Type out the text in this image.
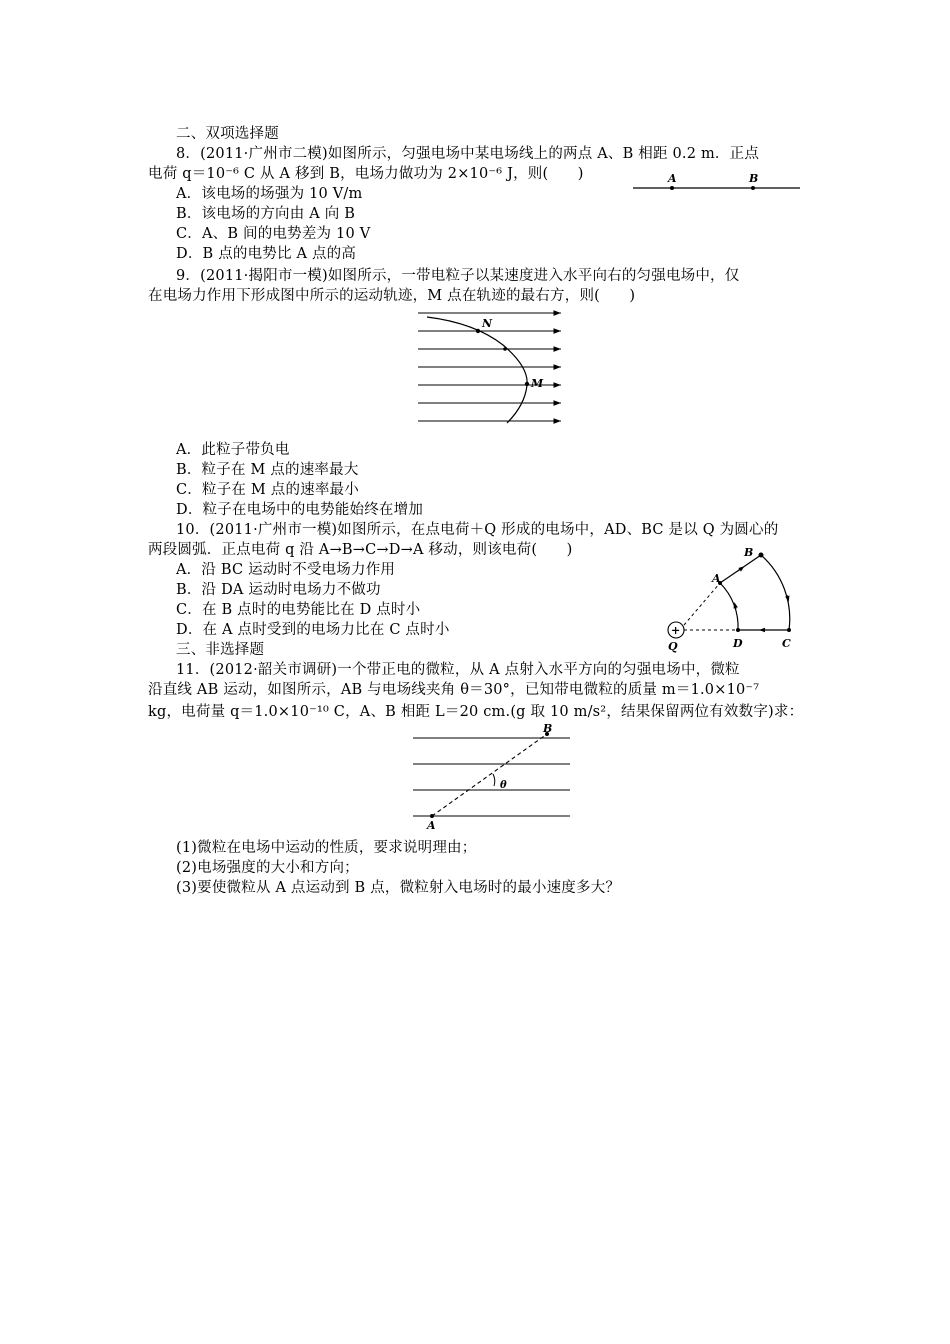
二、双项选择题
8．(2011·广州市二模)如图所示，匀强电场中某电场线上的两点 A、B 相距 0.2 m．正点
电荷 q＝10⁻⁶ C 从 A 移到 B，电场力做功为 2×10⁻⁶ J，则(　　)
A．该电场的场强为 10 V/m
B．该电场的方向由 A 向 B
C．A、B 间的电势差为 10 V
D．B 点的电势比 A 点的高
A	B
9．(2011·揭阳市一模)如图所示，一带电粒子以某速度进入水平向右的匀强电场中，仅
在电场力作用下形成图中所示的运动轨迹，M 点在轨迹的最右方，则(　　)
N
M
A．此粒子带负电
B．粒子在 M 点的速率最大
C．粒子在 M 点的速率最小
D．粒子在电场中的电势能始终在增加
10．(2011·广州市一模)如图所示，在点电荷＋Q 形成的电场中，AD、BC 是以 Q 为圆心的
两段圆弧．正点电荷 q 沿 A→B→C→D→A 移动，则该电荷(　　)
A．沿 BC 运动时不受电场力作用
B．沿 DA 运动时电场力不做功
C．在 B 点时的电势能比在 D 点时小
D．在 A 点时受到的电场力比在 C 点时小	+
A
B
C
D
Q
三、非选择题
11．(2012·韶关市调研)一个带正电的微粒，从 A 点射入水平方向的匀强电场中，微粒
沿直线 AB 运动，如图所示，AB 与电场线夹角 θ＝30°，已知带电微粒的质量 m＝1.0×10⁻⁷
kg，电荷量 q＝1.0×10⁻¹⁰ C，A、B 相距 L＝20 cm.(g 取 10 m/s²，结果保留两位有效数字)求：
A
B
θ
(1)微粒在电场中运动的性质，要求说明理由；
(2)电场强度的大小和方向；
(3)要使微粒从 A 点运动到 B 点，微粒射入电场时的最小速度多大？
